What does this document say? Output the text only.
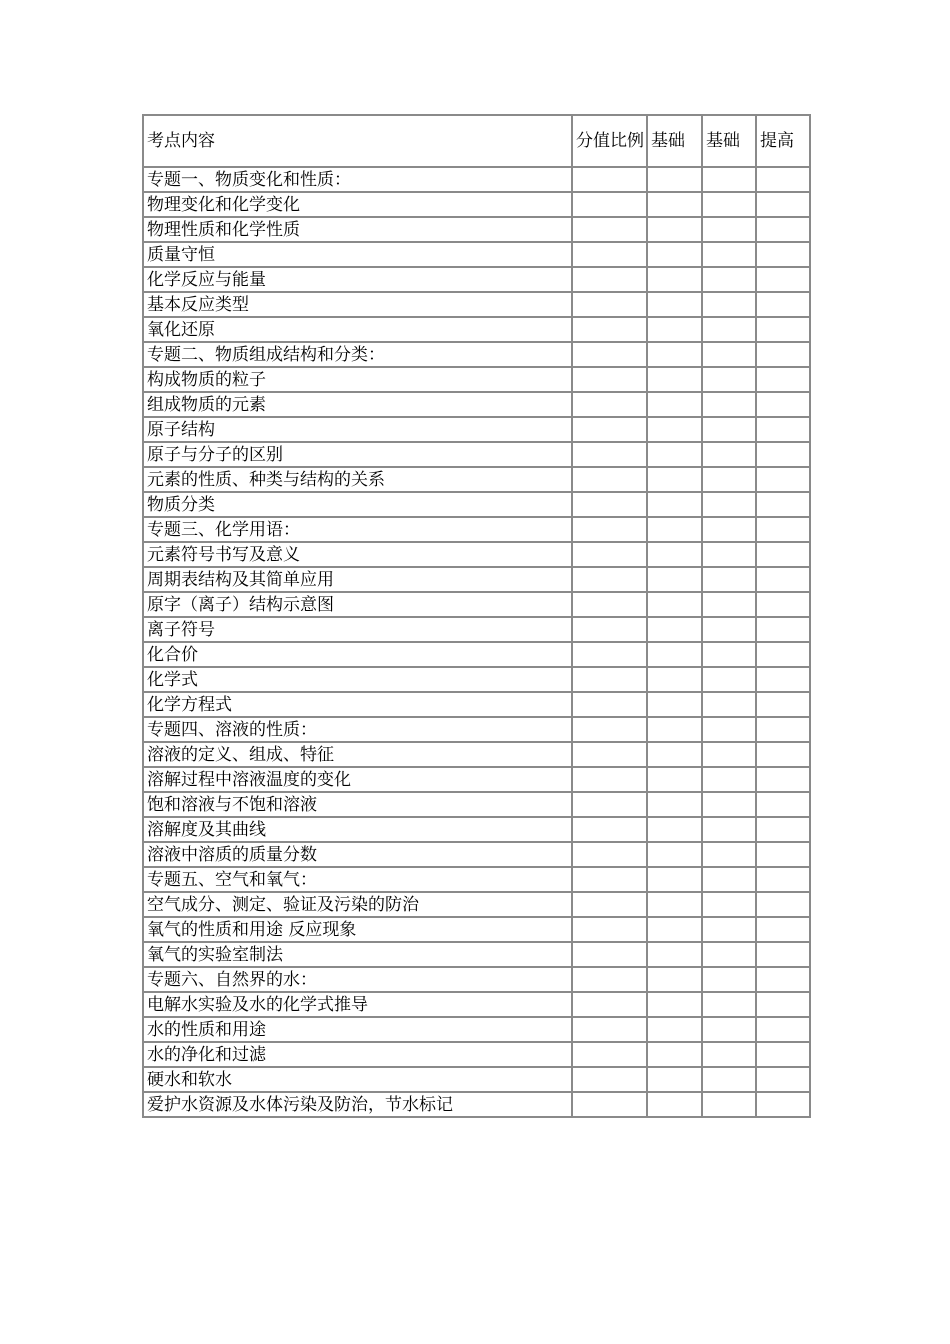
考点内容	分值比例	基础	基础	提高
专题一、物质变化和性质：				
物理变化和化学变化				
物理性质和化学性质				
质量守恒				
化学反应与能量				
基本反应类型				
氧化还原				
专题二、物质组成结构和分类：				
构成物质的粒子				
组成物质的元素				
原子结构				
原子与分子的区别				
元素的性质、种类与结构的关系				
物质分类				
专题三、化学用语：				
元素符号书写及意义				
周期表结构及其简单应用				
原字（离子）结构示意图				
离子符号				
化合价				
化学式				
化学方程式				
专题四、溶液的性质：				
溶液的定义、组成、特征				
溶解过程中溶液温度的变化				
饱和溶液与不饱和溶液				
溶解度及其曲线				
溶液中溶质的质量分数				
专题五、空气和氧气：				
空气成分、测定、验证及污染的防治				
氧气的性质和用途 反应现象				
氧气的实验室制法				
专题六、自然界的水：				
电解水实验及水的化学式推导				
水的性质和用途				
水的净化和过滤				
硬水和软水				
爱护水资源及水体污染及防治，节水标记				
